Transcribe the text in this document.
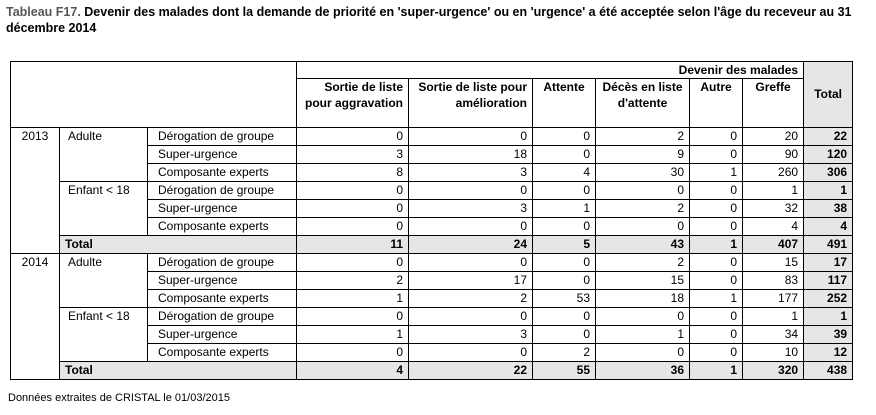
Tableau F17. Devenir des malades dont la demande de priorité en 'super-urgence' ou en 'urgence' a été acceptée selon l'âge du receveur au 31 décembre 2014

			Devenir des malades						Total
			Sortie de liste pour aggravation	Sortie de liste pour amélioration	Attente	Décès en liste d'attente	Autre	Greffe	
2013	Adulte	Dérogation de groupe	0	0	0	2	0	20	22
		Super-urgence	3	18	0	9	0	90	120
		Composante experts	8	3	4	30	1	260	306
	Enfant < 18	Dérogation de groupe	0	0	0	0	0	1	1
		Super-urgence	0	3	1	2	0	32	38
		Composante experts	0	0	0	0	0	4	4
	Total		11	24	5	43	1	407	491
2014	Adulte	Dérogation de groupe	0	0	0	2	0	15	17
		Super-urgence	2	17	0	15	0	83	117
		Composante experts	1	2	53	18	1	177	252
	Enfant < 18	Dérogation de groupe	0	0	0	0	0	1	1
		Super-urgence	1	3	0	1	0	34	39
		Composante experts	0	0	2	0	0	10	12
	Total		4	22	55	36	1	320	438
Données extraites de CRISTAL le 01/03/2015
